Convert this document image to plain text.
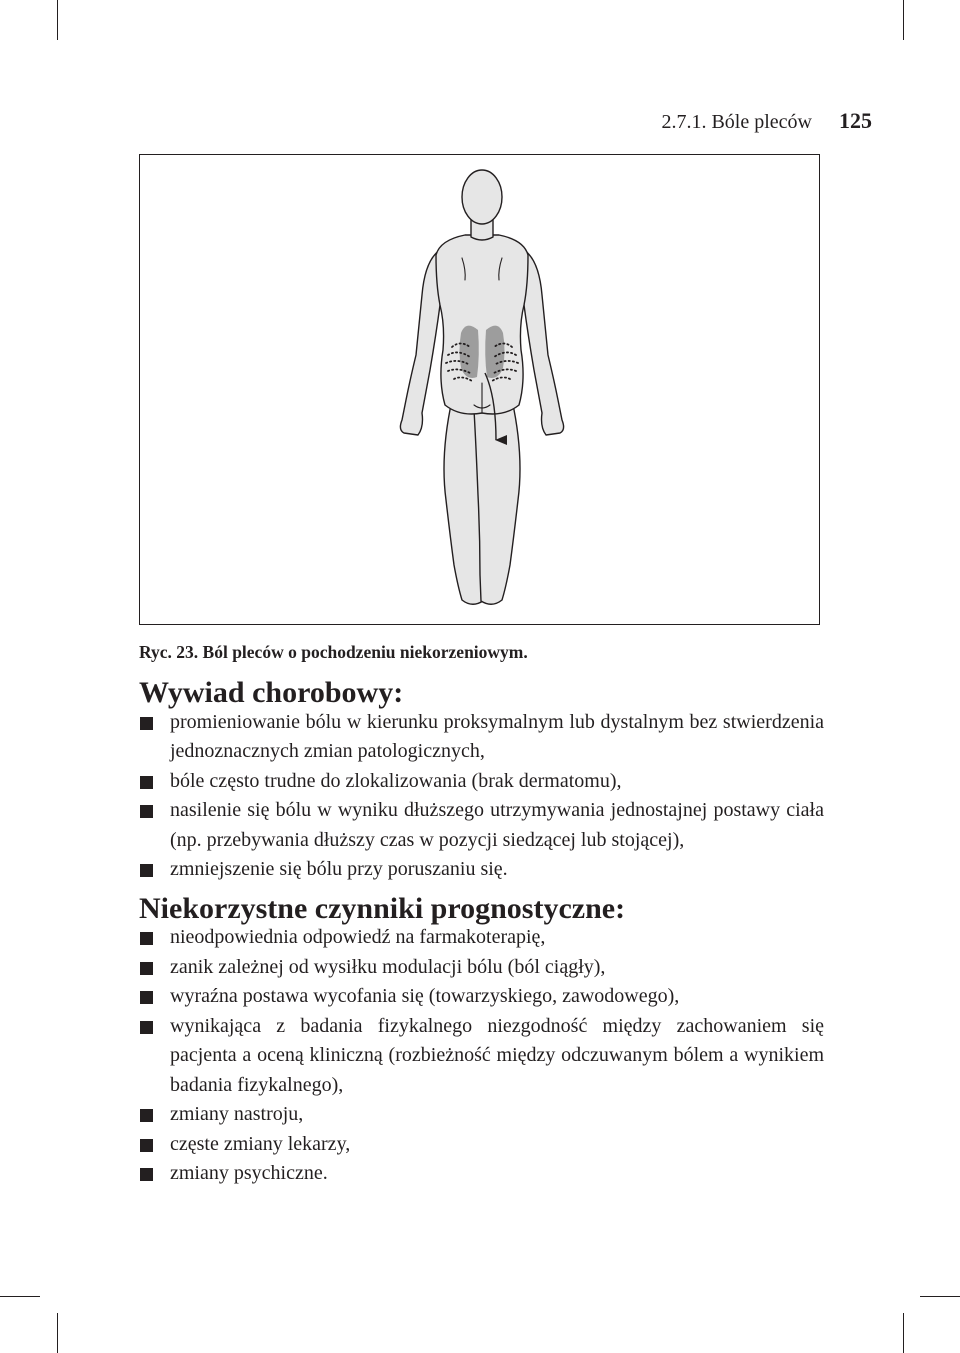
2.7.1. Bóle pleców 125
Ryc. 23. Ból pleców o pochodzeniu niekorzeniowym.
Wywiad chorobowy:
promieniowanie bólu w kierunku proksymalnym lub dystalnym bez stwierdzenia jednoznacznych zmian patologicznych,
bóle często trudne do zlokalizowania (brak dermatomu),
nasilenie się bólu w wyniku dłuższego utrzymywania jednostajnej postawy ciała (np. przebywania dłuższy czas w pozycji siedzącej lub stojącej),
zmniejszenie się bólu przy poruszaniu się.
Niekorzystne czynniki prognostyczne:
nieodpowiednia odpowiedź na farmakoterapię,
zanik zależnej od wysiłku modulacji bólu (ból ciągły),
wyraźna postawa wycofania się (towarzyskiego, zawodowego),
wynikająca z badania fizykalnego niezgodność między zachowaniem się pacjenta a oceną kliniczną (rozbieżność między odczuwanym bólem a wynikiem badania fizykalnego),
zmiany nastroju,
częste zmiany lekarzy,
zmiany psychiczne.
